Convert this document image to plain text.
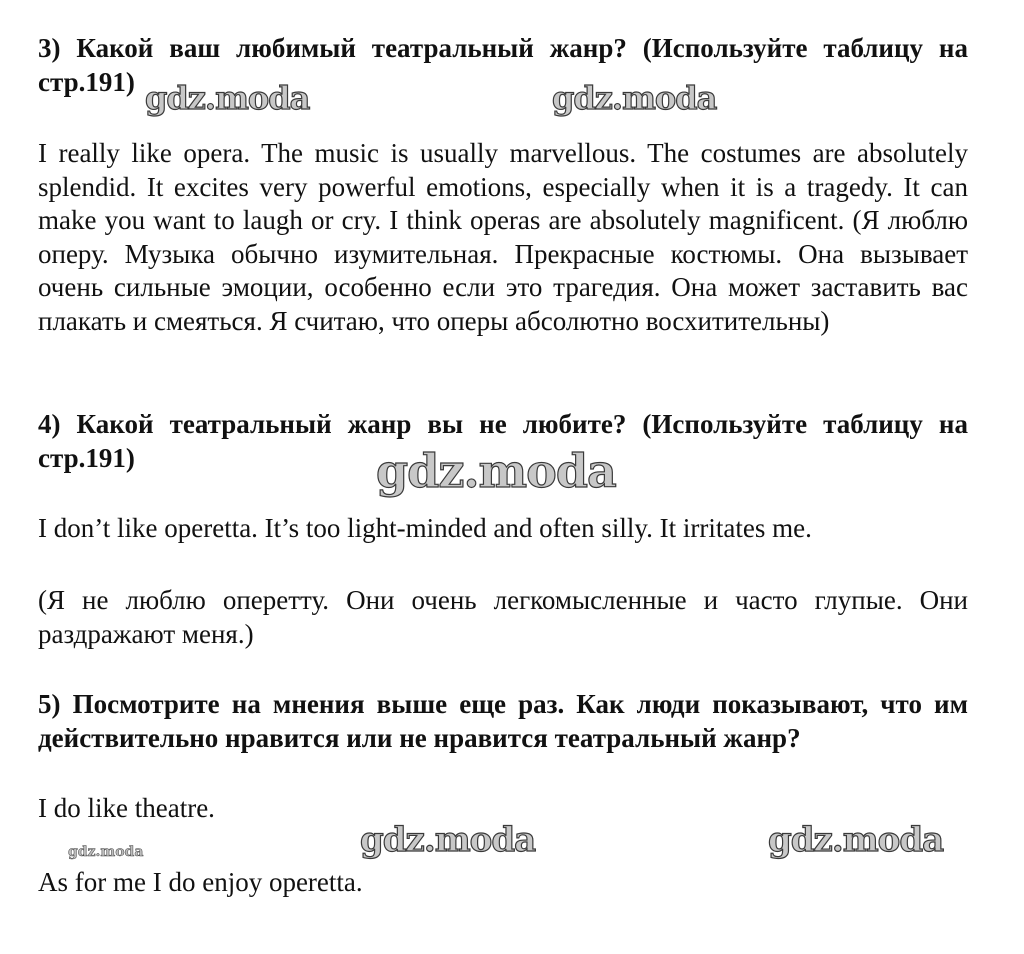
3) Какой ваш любимый театральный жанр? (Используйте таблицу на стр.191)
I really like opera. The music is usually marvellous. The costumes are absolutely splendid. It excites very powerful emotions, especially when it is a tragedy. It can make you want to laugh or cry. I think operas are absolutely magnificent. (Я люблю оперу. Музыка обычно изумительная. Прекрасные костюмы. Она вызывает очень сильные эмоции, особенно если это трагедия. Она может заставить вас плакать и смеяться. Я считаю, что оперы абсолютно восхитительны)
4) Какой театральный жанр вы не любите? (Используйте таблицу на стр.191)
I don’t like operetta. It’s too light-minded and often silly. It irritates me.
(Я не люблю оперетту. Они очень легкомысленные и часто глупые. Они раздражают меня.)
5) Посмотрите на мнения выше еще раз. Как люди показывают, что им действительно нравится или не нравится театральный жанр?
I do like theatre.
As for me I do enjoy operetta.
gdz.moda	gdz.moda
gdz.moda
gdz.moda	gdz.moda
gdz.moda
